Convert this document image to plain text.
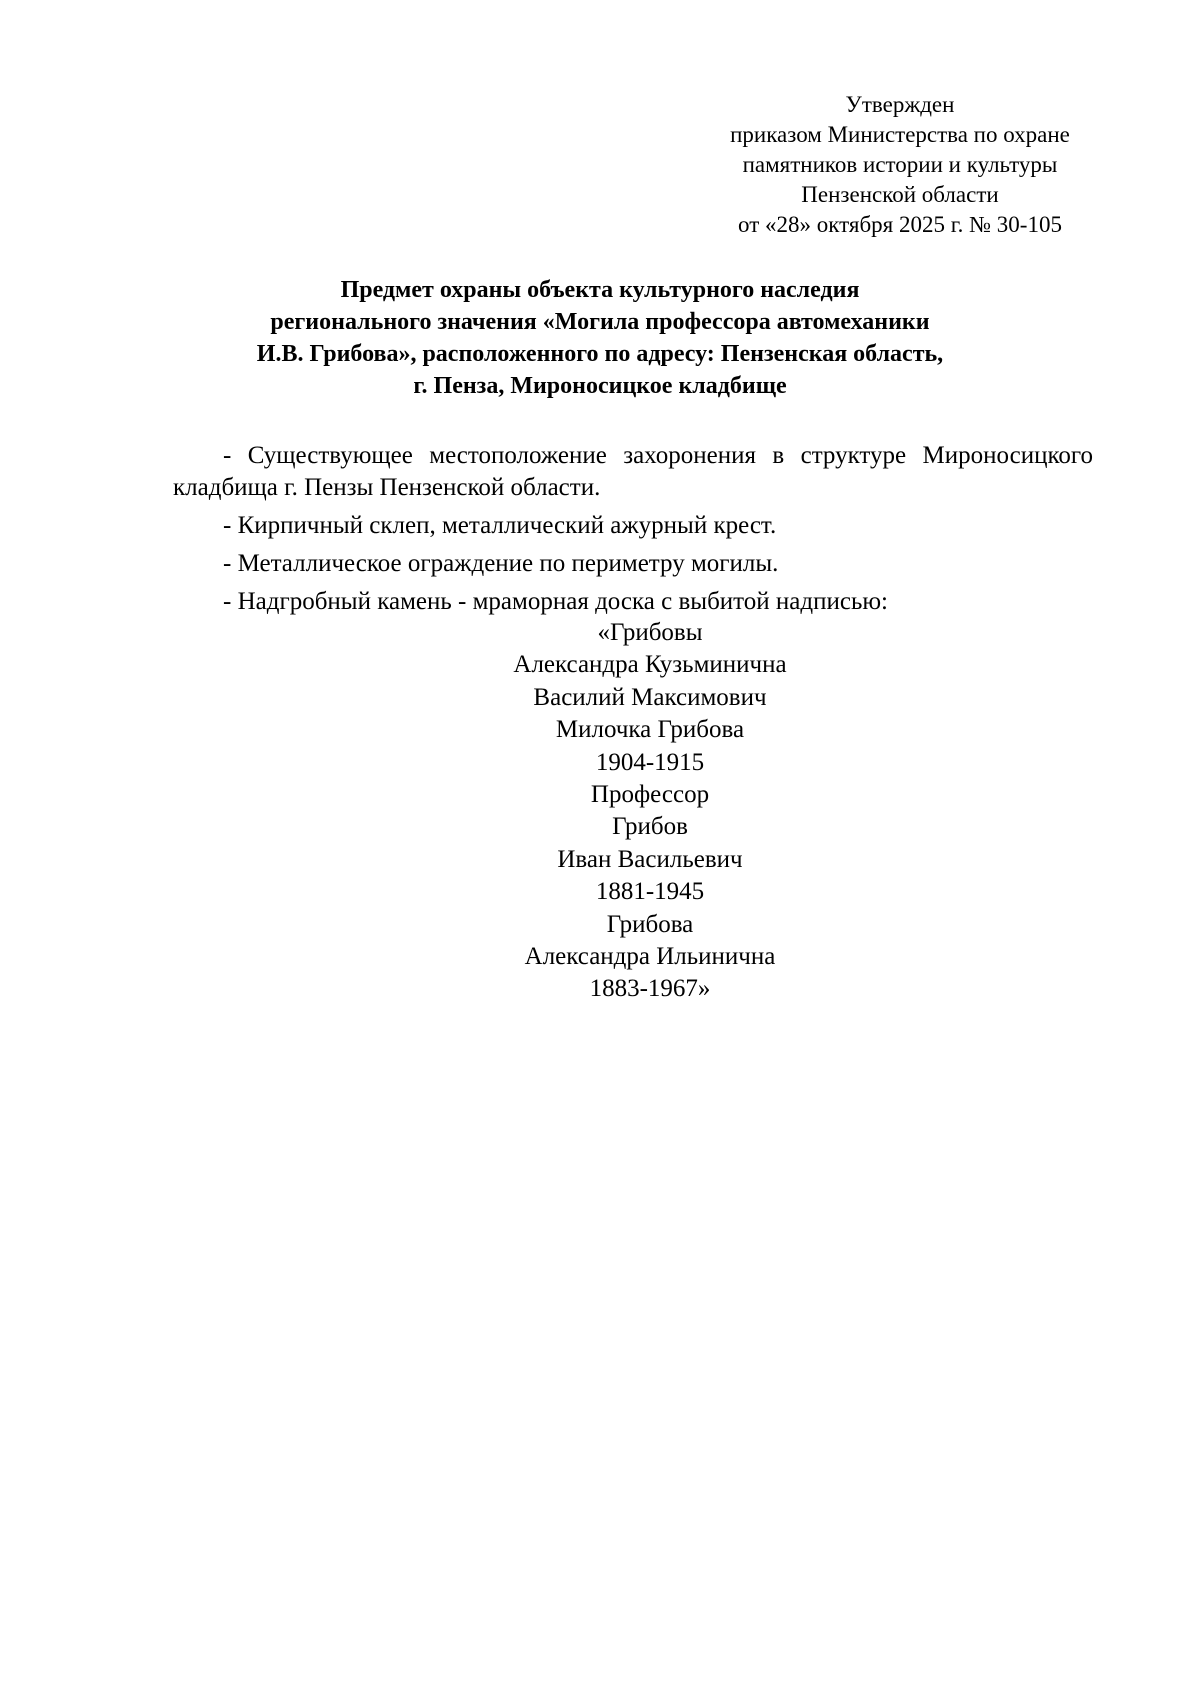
Утвержден
приказом Министерства по охране
памятников истории и культуры
Пензенской области
от «28» октября 2025 г. № 30-105
Предмет охраны объекта культурного наследия
регионального значения «Могила профессора автомеханики
И.В. Грибова», расположенного по адресу: Пензенская область,
г. Пенза, Мироносицкое кладбище

- Существующее местоположение захоронения в структуре Мироносицкого кладбища г. Пензы Пензенской области.

- Кирпичный склеп, металлический ажурный крест.
- Металлическое ограждение по периметру могилы.
- Надгробный камень - мраморная доска с выбитой надписью:
«Грибовы
Александра Кузьминична
Василий Максимович
Милочка Грибова
1904-1915
Профессор
Грибов
Иван Васильевич
1881-1945
Грибова
Александра Ильинична
1883-1967»
